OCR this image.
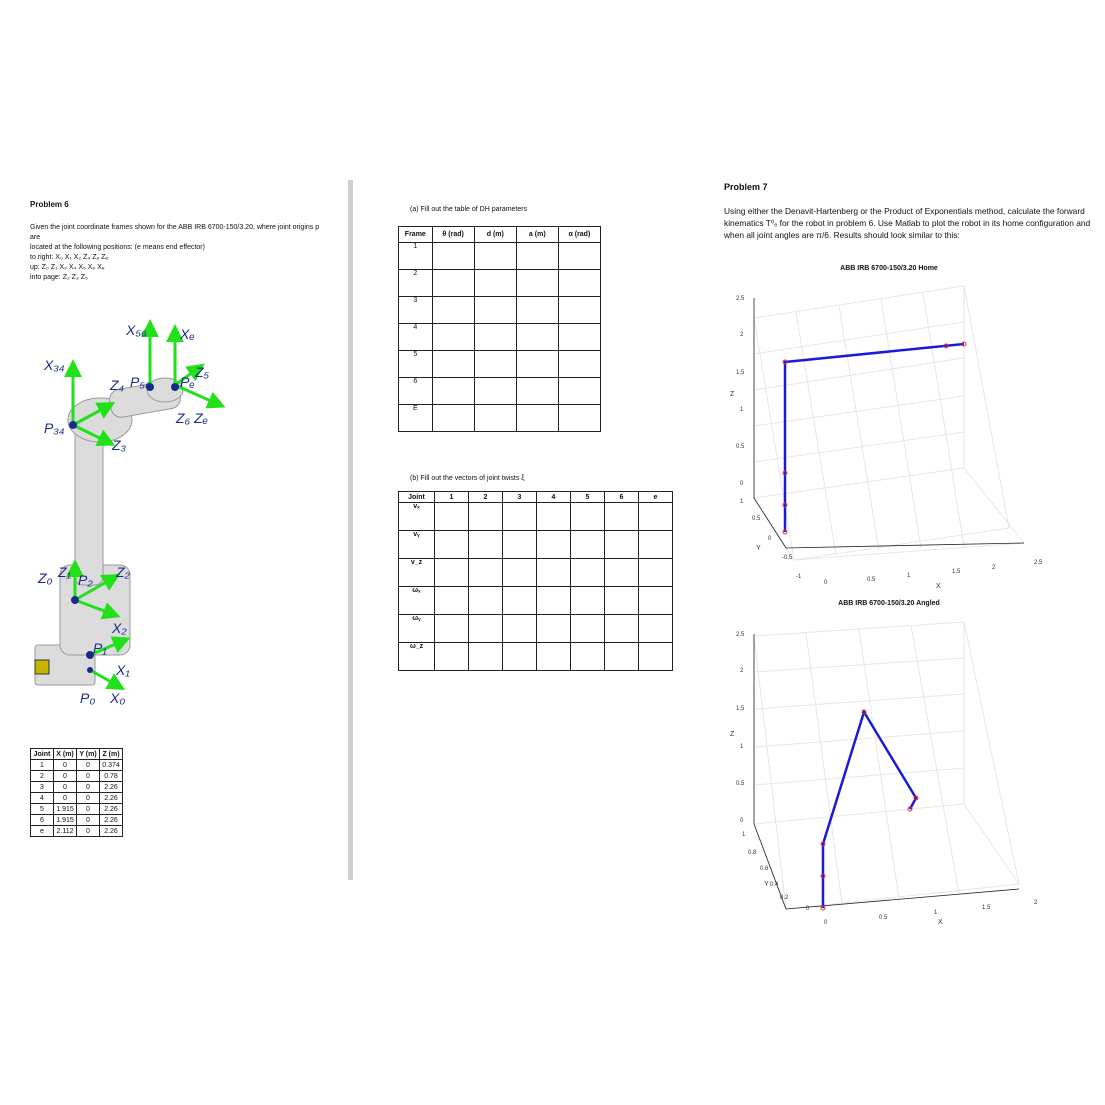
Problem 6
Given the joint coordinate frames shown for the ABB IRB 6700-150/3.20, where joint origins p are
located at the following positions: (e means end effector)
to right: X₀ X₁ X₂ Z₄ Z₆ Zₑ
up: Z₀ Z₁ X₃ X₄ X₅ X₆ Xₑ
into page: Z₂ Z₃ Z₅
X₅₆ Xₑ
X₃₄
Z₄ P₅₆ Pₑ
Z₅
P₃₄
Z₆ Zₑ
Z₃
Z₀ Z₁ P₂ Z₂
X₂
P₁
X₁
P₀ X₀
Joint	X (m)	Y (m)	Z (m)
1	0	0	0.374
2	0	0	0.78
3	0	0	2.26
4	0	0	2.26
5	1.915	0	2.26
6	1.915	0	2.26
e	2.112	0	2.26
(a) Fill out the table of DH parameters
Frame	θ (rad)	d (m)	a (m)	α (rad)
1				
2				
3				
4				
5				
6				
E				
(b) Fill out the vectors of joint twists ξ
Joint	1	2	3	4	5	6	e
vₓ							
vᵧ							
v_z							
ωₓ							
ωᵧ							
ω_z							
Problem 7
Using either the Denavit-Hartenberg or the Product of Exponentials method, calculate the forward
kinematics T⁰ₑ for the robot in problem 6. Use Matlab to plot the robot in its home configuration and
when all joint angles are π/6. Results should look similar to this:
ABB IRB 6700-150/3.20 Home
2.5
2
1.5
1
0.5
0
1
0.5
0
-0.5
-1
0	0.5
1
1.5
2
2.5
Z
Y
X
ABB IRB 6700-150/3.20 Angled
2.5
2
1.5
1
0.5
0
1
0.8
0.6
0.4
0.2
0
0
0.5
1
1.5
2
Z
Y
X
